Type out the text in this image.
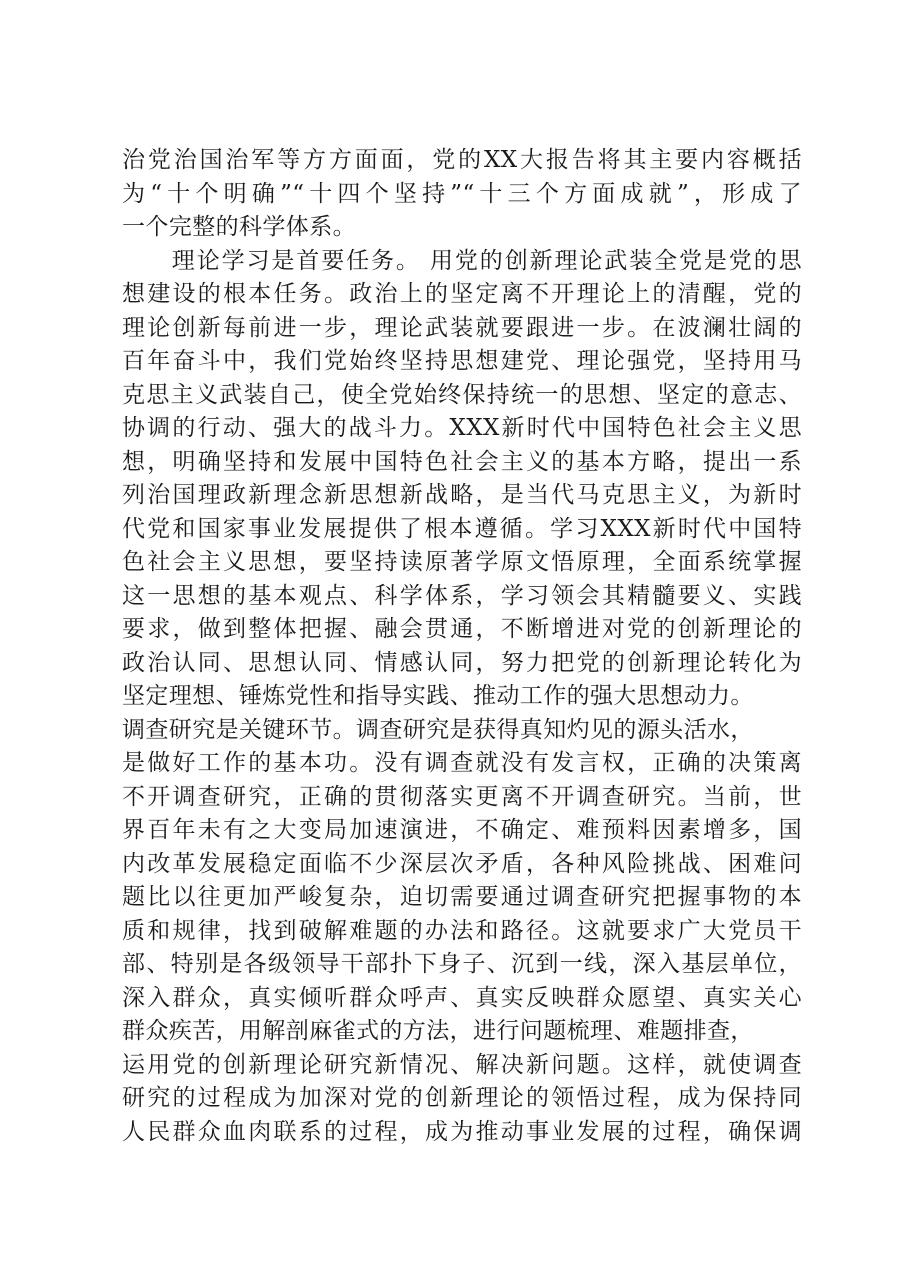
治党治国治军等方方面面，党的XX大报告将其主要内容概括
为“十个明确”“十四个坚持”“十三个方面成就”，形成了
一个完整的科学体系。
　　理论学习是首要任务。 用党的创新理论武装全党是党的思
想建设的根本任务。政治上的坚定离不开理论上的清醒，党的
理论创新每前进一步，理论武装就要跟进一步。在波澜壮阔的
百年奋斗中，我们党始终坚持思想建党、理论强党，坚持用马
克思主义武装自己，使全党始终保持统一的思想、坚定的意志、
协调的行动、强大的战斗力。XXX新时代中国特色社会主义思
想，明确坚持和发展中国特色社会主义的基本方略，提出一系
列治国理政新理念新思想新战略，是当代马克思主义，为新时
代党和国家事业发展提供了根本遵循。学习XXX新时代中国特
色社会主义思想，要坚持读原著学原文悟原理，全面系统掌握
这一思想的基本观点、科学体系，学习领会其精髓要义、实践
要求，做到整体把握、融会贯通，不断增进对党的创新理论的
政治认同、思想认同、情感认同，努力把党的创新理论转化为
坚定理想、锤炼党性和指导实践、推动工作的强大思想动力。
调查研究是关键环节。调查研究是获得真知灼见的源头活水，
是做好工作的基本功。没有调查就没有发言权，正确的决策离
不开调查研究，正确的贯彻落实更离不开调查研究。当前，世
界百年未有之大变局加速演进，不确定、难预料因素增多，国
内改革发展稳定面临不少深层次矛盾，各种风险挑战、困难问
题比以往更加严峻复杂，迫切需要通过调查研究把握事物的本
质和规律，找到破解难题的办法和路径。这就要求广大党员干
部、特别是各级领导干部扑下身子、沉到一线，深入基层单位，
深入群众，真实倾听群众呼声、真实反映群众愿望、真实关心
群众疾苦，用解剖麻雀式的方法，进行问题梳理、难题排查，
运用党的创新理论研究新情况、解决新问题。这样，就使调查
研究的过程成为加深对党的创新理论的领悟过程，成为保持同
人民群众血肉联系的过程，成为推动事业发展的过程，确保调
